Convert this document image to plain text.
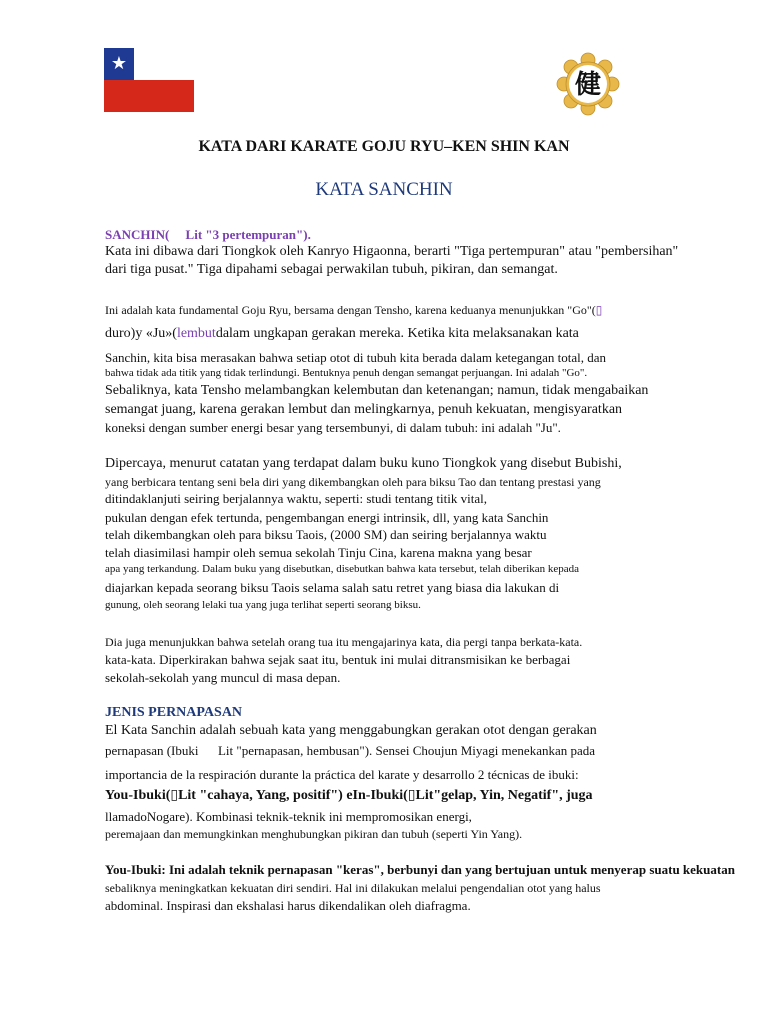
★
健
KATA DARI KARATE GOJU RYU–KEN SHIN KAN
KATA SANCHIN
SANCHIN(     Lit "3 pertempuran").
Kata ini dibawa dari Tiongkok oleh Kanryo Higaonna, berarti "Tiga pertempuran" atau "pembersihan"
dari tiga pusat." Tiga dipahami sebagai perwakilan tubuh, pikiran, dan semangat.
Ini adalah kata fundamental Goju Ryu, bersama dengan Tensho, karena keduanya menunjukkan "Go"(▯
duro)y «Ju»(lembutdalam ungkapan gerakan mereka. Ketika kita melaksanakan kata
Sanchin, kita bisa merasakan bahwa setiap otot di tubuh kita berada dalam ketegangan total, dan
bahwa tidak ada titik yang tidak terlindungi. Bentuknya penuh dengan semangat perjuangan. Ini adalah "Go".
Sebaliknya, kata Tensho melambangkan kelembutan dan ketenangan; namun, tidak mengabaikan
semangat juang, karena gerakan lembut dan melingkarnya, penuh kekuatan, mengisyaratkan
koneksi dengan sumber energi besar yang tersembunyi, di dalam tubuh: ini adalah "Ju".
Dipercaya, menurut catatan yang terdapat dalam buku kuno Tiongkok yang disebut Bubishi,
yang berbicara tentang seni bela diri yang dikembangkan oleh para biksu Tao dan tentang prestasi yang
ditindaklanjuti seiring berjalannya waktu, seperti: studi tentang titik vital,
pukulan dengan efek tertunda, pengembangan energi intrinsik, dll, yang kata Sanchin
telah dikembangkan oleh para biksu Taois, (2000 SM) dan seiring berjalannya waktu
telah diasimilasi hampir oleh semua sekolah Tinju Cina, karena makna yang besar
apa yang terkandung. Dalam buku yang disebutkan, disebutkan bahwa kata tersebut, telah diberikan kepada
diajarkan kepada seorang biksu Taois selama salah satu retret yang biasa dia lakukan di
gunung, oleh seorang lelaki tua yang juga terlihat seperti seorang biksu.
Dia juga menunjukkan bahwa setelah orang tua itu mengajarinya kata, dia pergi tanpa berkata-kata.
kata-kata. Diperkirakan bahwa sejak saat itu, bentuk ini mulai ditransmisikan ke berbagai
sekolah-sekolah yang muncul di masa depan.
JENIS PERNAPASAN
El Kata Sanchin adalah sebuah kata yang menggabungkan gerakan otot dengan gerakan
pernapasan (Ibuki      Lit "pernapasan, hembusan"). Sensei Choujun Miyagi menekankan pada
importancia de la respiración durante la práctica del karate y desarrollo 2 técnicas de ibuki:
You-Ibuki(▯Lit "cahaya, Yang, positif") eIn-Ibuki(▯Lit"gelap, Yin, Negatif", juga
llamadoNogare). Kombinasi teknik-teknik ini mempromosikan energi,
peremajaan dan memungkinkan menghubungkan pikiran dan tubuh (seperti Yin Yang).
You-Ibuki: Ini adalah teknik pernapasan "keras", berbunyi dan yang bertujuan untuk menyerap suatu kekuatan
sebaliknya meningkatkan kekuatan diri sendiri. Hal ini dilakukan melalui pengendalian otot yang halus
abdominal. Inspirasi dan ekshalasi harus dikendalikan oleh diafragma.
